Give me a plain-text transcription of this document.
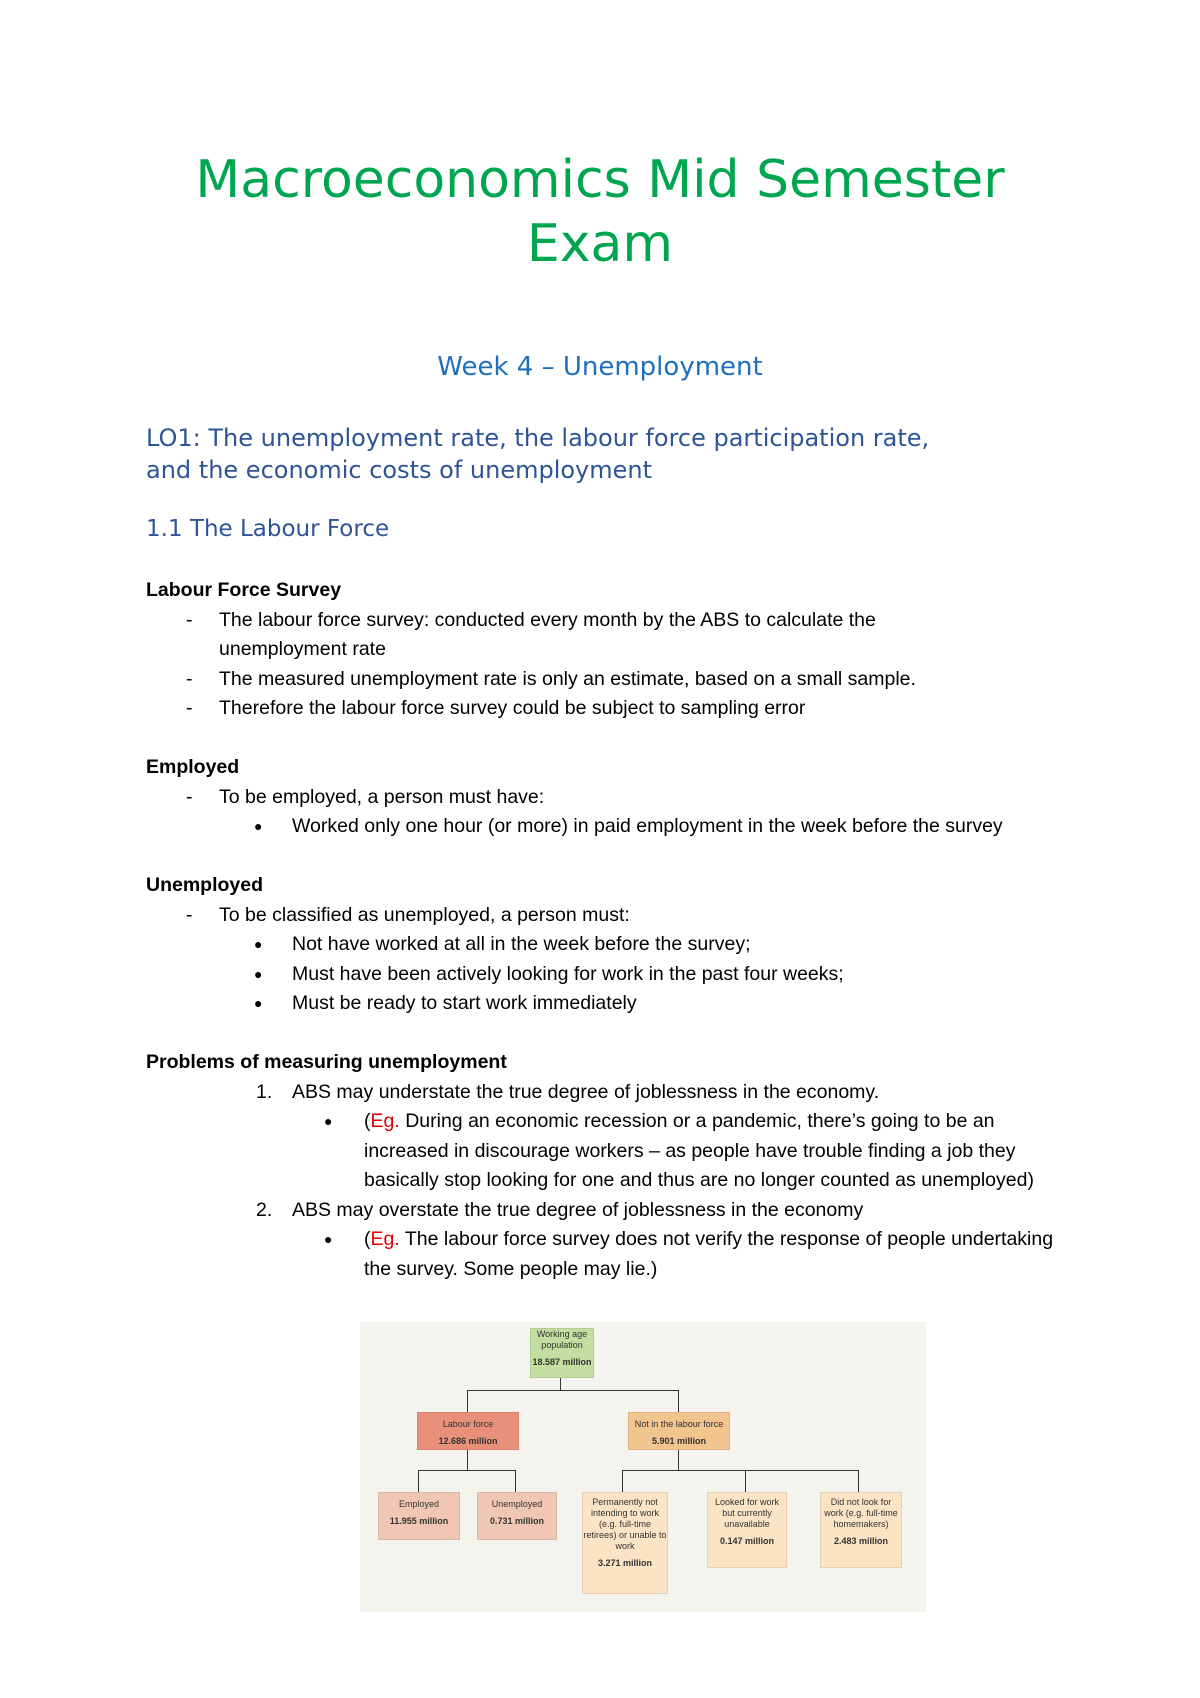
Macroeconomics Mid Semester
Exam
Week 4 – Unemployment
LO1: The unemployment rate, the labour force participation rate,
and the economic costs of unemployment
1.1 The Labour Force
Labour Force Survey
- The labour force survey: conducted every month by the ABS to calculate the unemployment rate
- The measured unemployment rate is only an estimate, based on a small sample.
- Therefore the labour force survey could be subject to sampling error
Employed
- To be employed, a person must have:
● Worked only one hour (or more) in paid employment in the week before the survey
Unemployed
- To be classified as unemployed, a person must:
● Not have worked at all in the week before the survey;
● Must have been actively looking for work in the past four weeks;
● Must be ready to start work immediately
Problems of measuring unemployment
1. ABS may understate the true degree of joblessness in the economy.
● (Eg. During an economic recession or a pandemic, there’s going to be an increased in discourage workers – as people have trouble finding a job they basically stop looking for one and thus are no longer counted as unemployed)
2. ABS may overstate the true degree of joblessness in the economy
● (Eg. The labour force survey does not verify the response of people undertaking the survey. Some people may lie.)
Working age population
18.587 million
Labour force
12.686 million
Not in the labour force
5.901 million
Employed
11.955 million
Unemployed
0.731 million
Permanently not intending to work (e.g. full-time retirees) or unable to work
3.271 million
Looked for work but currently unavailable
0.147 million
Did not look for work (e.g. full-time homemakers)
2.483 million
